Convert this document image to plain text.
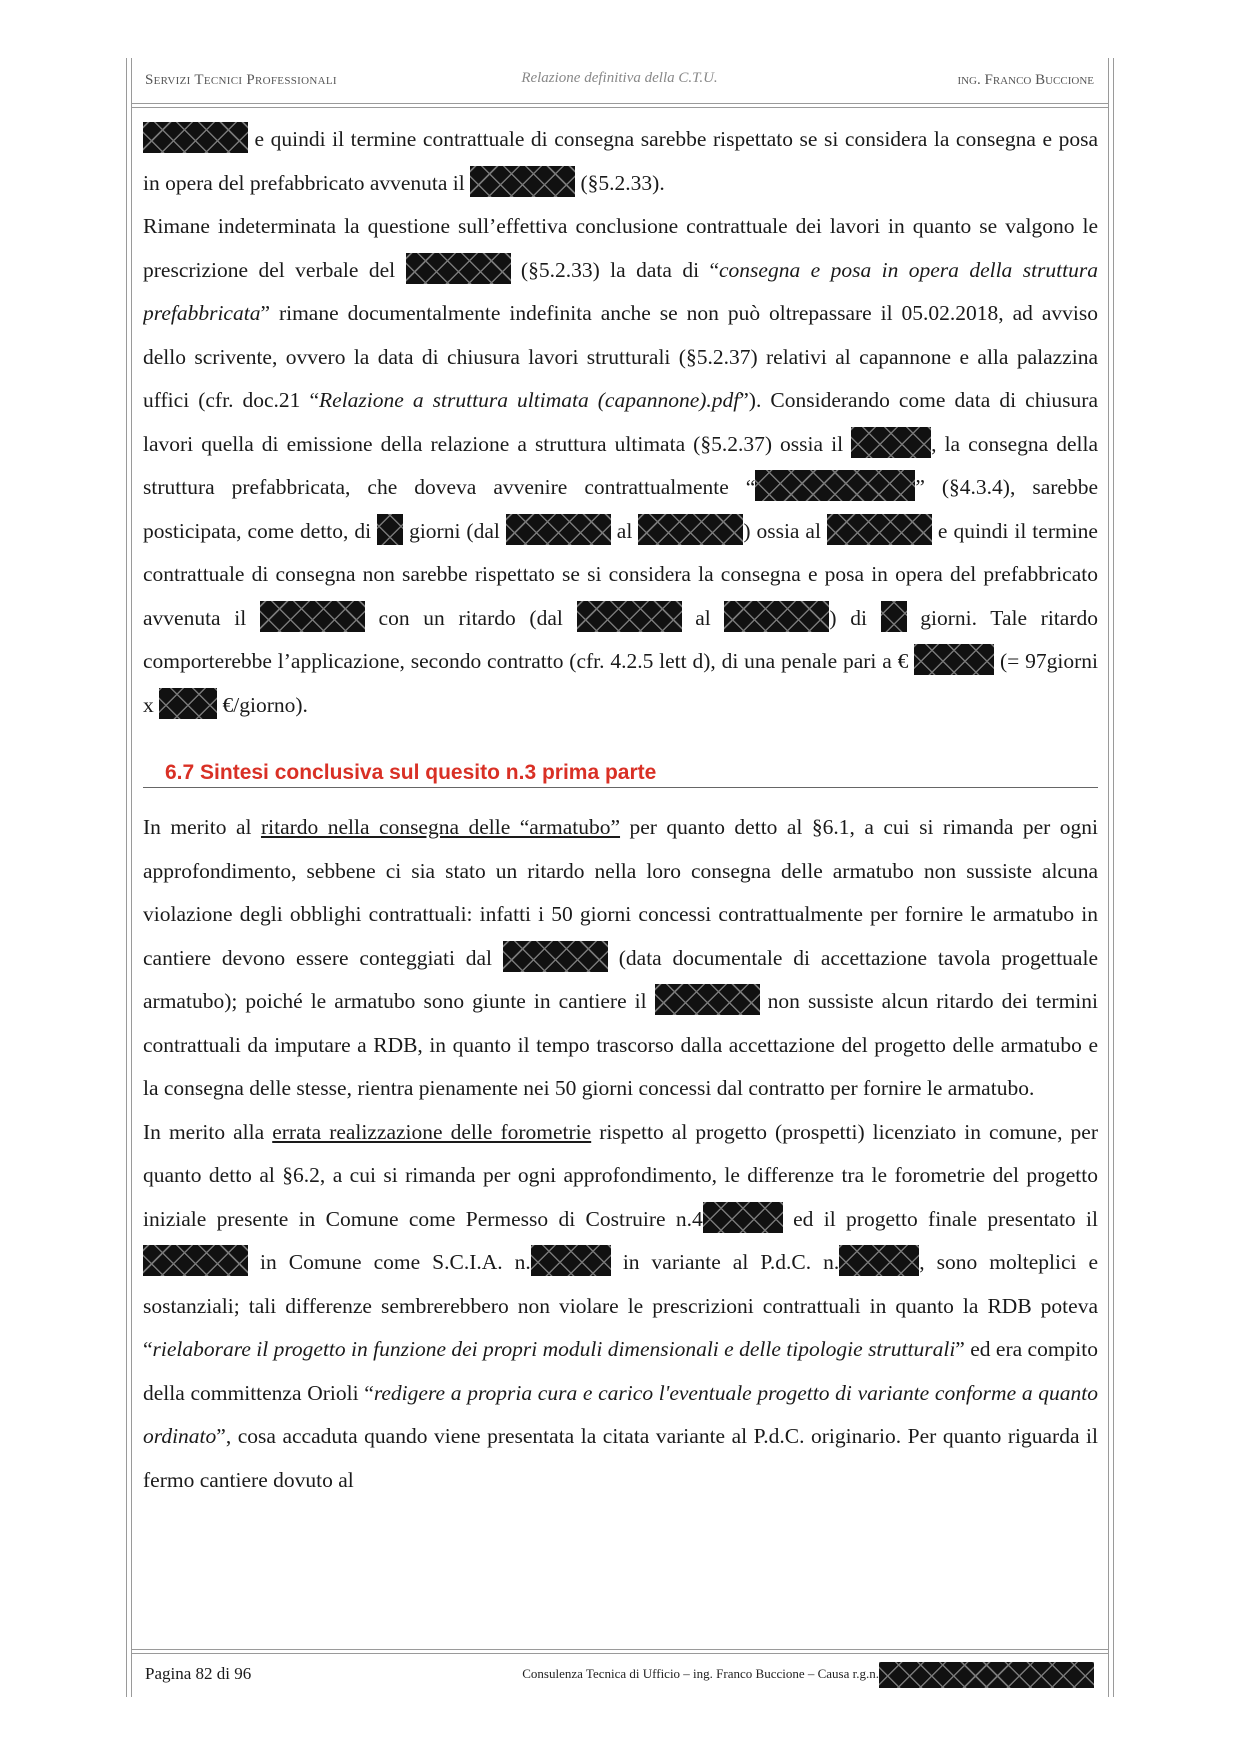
Servizi Tecnici Professionali	Relazione definitiva della C.T.U.	ing. Franco Buccione

e quindi il termine contrattuale di consegna sarebbe rispettato se si considera la consegna e posa in opera del prefabbricato avvenuta il	(§5.2.33).

Rimane indeterminata la questione sull’effettiva conclusione contrattuale dei lavori in quanto se valgono le prescrizione del verbale del	(§5.2.33) la data di “consegna e posa in opera della struttura prefabbricata” rimane documentalmente indefinita anche se non può oltrepassare il 05.02.2018, ad avviso dello scrivente, ovvero la data di chiusura lavori strutturali (§5.2.37) relativi al capannone e alla palazzina uffici (cfr. doc.21 “Relazione a struttura ultimata (capannone).pdf”). Considerando come data di chiusura lavori quella di emissione della relazione a struttura ultimata (§5.2.37) ossia il	, la consegna della struttura prefabbricata, che doveva avvenire contrattualmente “	” (§4.3.4), sarebbe posticipata, come detto, di  giorni (dal	al	) ossia al	e quindi il termine contrattuale di consegna non sarebbe rispettato se si considera la consegna e posa in opera del prefabbricato avvenuta il	con un ritardo (dal	al	) di  giorni. Tale ritardo comporterebbe l’applicazione, secondo contratto (cfr. 4.2.5 lett d), di una penale pari a €	(= 97giorni x	€/giorno).

6.7 Sintesi conclusiva sul quesito n.3 prima parte

In merito al ritardo nella consegna delle “armatubo” per quanto detto al §6.1, a cui si rimanda per ogni approfondimento, sebbene ci sia stato un ritardo nella loro consegna delle armatubo non sussiste alcuna violazione degli obblighi contrattuali: infatti i 50 giorni concessi contrattualmente per fornire le armatubo in cantiere devono essere conteggiati dal	(data documentale di accettazione tavola progettuale armatubo); poiché le armatubo sono giunte in cantiere il	non sussiste alcun ritardo dei termini contrattuali da imputare a RDB, in quanto il tempo trascorso dalla accettazione del progetto delle armatubo e la consegna delle stesse, rientra pienamente nei 50 giorni concessi dal contratto per fornire le armatubo.

In merito alla errata realizzazione delle forometrie rispetto al progetto (prospetti) licenziato in comune, per quanto detto al §6.2, a cui si rimanda per ogni approfondimento, le differenze tra le forometrie del progetto iniziale presente in Comune come Permesso di Costruire n.4	ed il progetto finale presentato il  in Comune come S.C.I.A. n.	in variante al P.d.C. n.	, sono molteplici e sostanziali; tali differenze sembrerebbero non violare le prescrizioni contrattuali in quanto la RDB poteva “rielaborare il progetto in funzione dei propri moduli dimensionali e delle tipologie strutturali” ed era compito della committenza Orioli “redigere a propria cura e carico l'eventuale progetto di variante conforme a quanto ordinato”, cosa accaduta quando viene presentata la citata variante al P.d.C. originario. Per quanto riguarda il fermo cantiere dovuto al

Pagina 82 di 96	Consulenza Tecnica di Ufficio – ing. Franco Buccione – Causa r.g.n.
